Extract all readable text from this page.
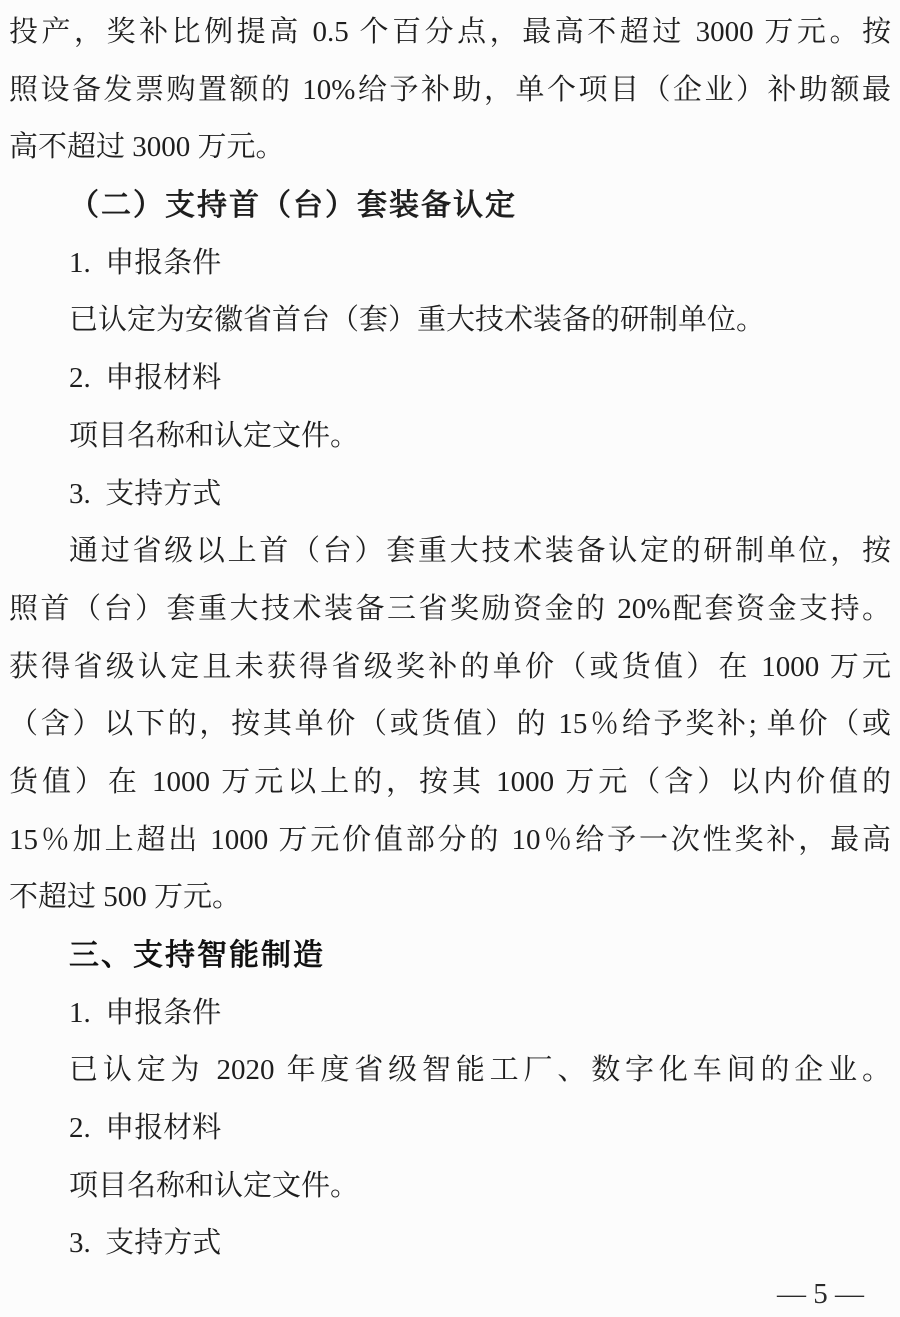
投产，奖补比例提高 0.5 个百分点，最高不超过 3000 万元。按
照设备发票购置额的 10%给予补助，单个项目（企业）补助额最
高不超过 3000 万元。
（二）支持首（台）套装备认定
1.  申报条件
已认定为安徽省首台（套）重大技术装备的研制单位。
2.  申报材料
项目名称和认定文件。
3.  支持方式
通过省级以上首（台）套重大技术装备认定的研制单位，按
照首（台）套重大技术装备三省奖励资金的 20%配套资金支持。
获得省级认定且未获得省级奖补的单价（或货值）在 1000 万元
（含）以下的，按其单价（或货值）的 15％给予奖补; 单价（或
货值）在 1000 万元以上的，按其 1000 万元（含）以内价值的
15％加上超出 1000 万元价值部分的 10％给予一次性奖补，最高
不超过 500 万元。
三、支持智能制造
1.  申报条件
已认定为 2020 年度省级智能工厂、数字化车间的企业。
2.  申报材料
项目名称和认定文件。
3.  支持方式
— 5 —
